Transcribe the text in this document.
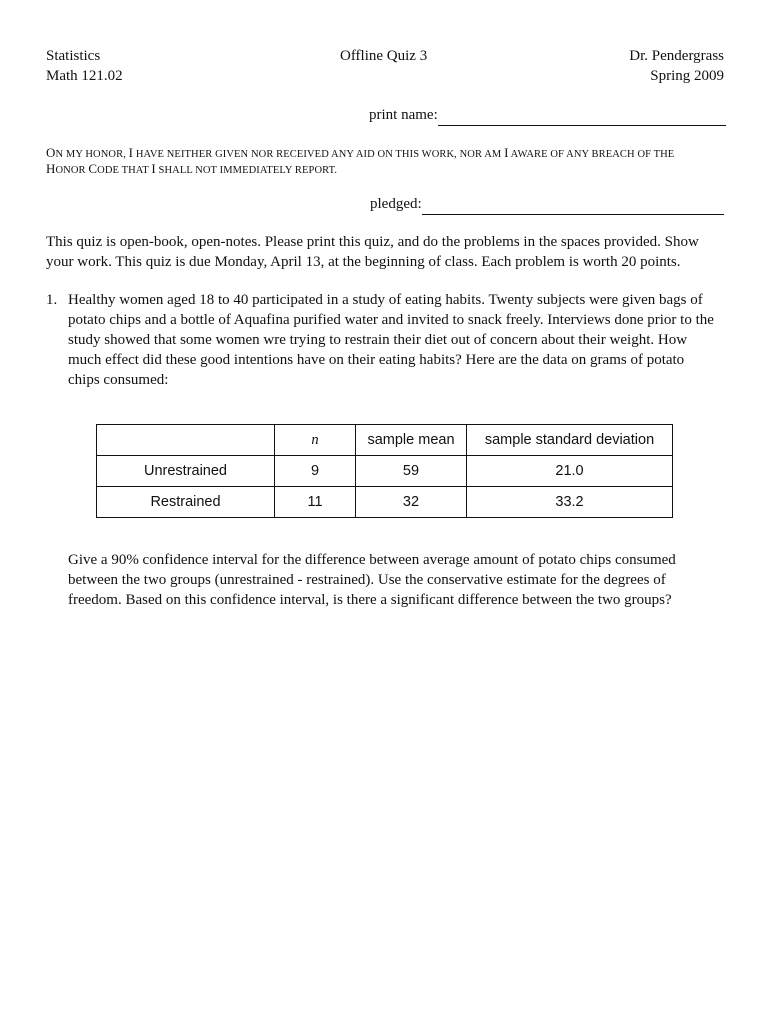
Statistics
Math 121.02
Offline Quiz 3	Dr. Pendergrass
Spring 2009
print name:
ON MY HONOR, I HAVE NEITHER GIVEN NOR RECEIVED ANY AID ON THIS WORK, NOR AM I AWARE OF ANY BREACH OF THE
HONOR CODE THAT I SHALL NOT IMMEDIATELY REPORT.
pledged:
This quiz is open-book, open-notes. Please print this quiz, and do the problems in the spaces provided. Show
your work. This quiz is due Monday, April 13, at the beginning of class. Each problem is worth 20 points.
1. Healthy women aged 18 to 40 participated in a study of eating habits. Twenty subjects were given bags of
potato chips and a bottle of Aquafina purified water and invited to snack freely. Interviews done prior to the
study showed that some women wre trying to restrain their diet out of concern about their weight. How
much effect did these good intentions have on their eating habits? Here are the data on grams of potato
chips consumed:
	n	sample mean	sample standard deviation
Unrestrained	9	59	21.0
Restrained	11	32	33.2
Give a 90% confidence interval for the difference between average amount of potato chips consumed
between the two groups (unrestrained - restrained). Use the conservative estimate for the degrees of
freedom. Based on this confidence interval, is there a significant difference between the two groups?
